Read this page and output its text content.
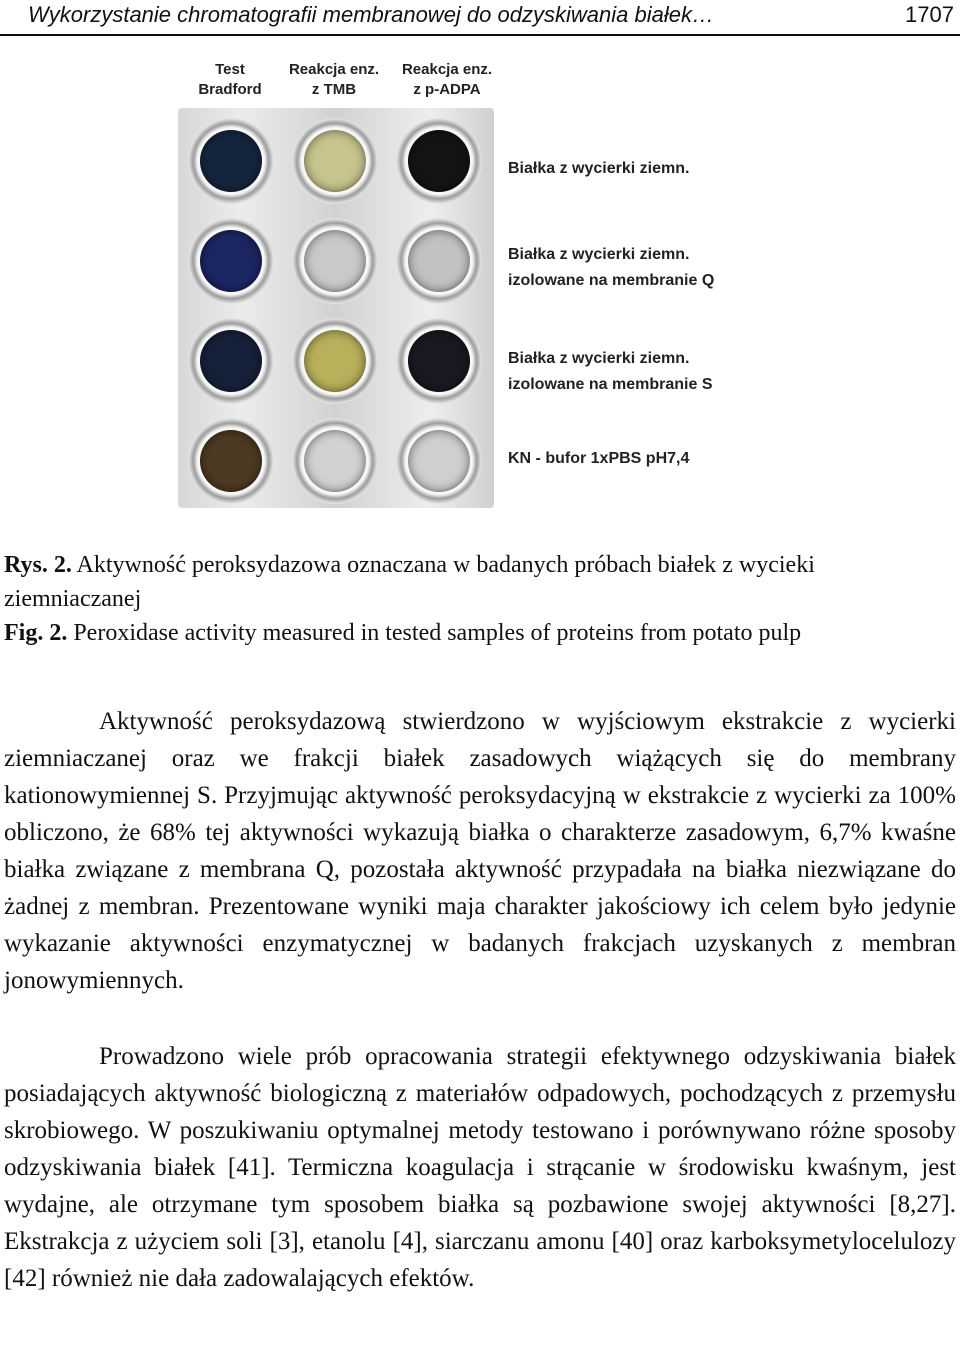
Wykorzystanie chromatografii membranowej do odzyskiwania białek…	1707
Test
Bradford
Reakcja enz.
z TMB
Reakcja enz.
z p-ADPA
Białka z wycierki ziemn.
Białka z wycierki ziemn.
izolowane na membranie Q
Białka z wycierki ziemn.
izolowane na membranie S
KN - bufor 1xPBS pH7,4
Rys. 2. Aktywność peroksydazowa oznaczana w badanych próbach białek z wycieki ziemniaczanej
Fig. 2. Peroxidase activity measured in tested samples of proteins from potato pulp

Aktywność peroksydazową stwierdzono w wyjściowym ekstrakcie z wycierki ziemniaczanej oraz we frakcji białek zasadowych wiążących się do membrany kationowymiennej S. Przyjmując aktywność peroksydacyjną w ekstrakcie z wycierki za 100% obliczono, że 68% tej aktywności wykazują białka o charakterze zasadowym, 6,7% kwaśne białka związane z membrana Q, pozostała aktywność przypadała na białka niezwiązane do żadnej z membran. Prezentowane wyniki maja charakter jakościowy ich celem było jedynie wykazanie aktywności enzymatycznej w badanych frakcjach uzyskanych z membran jonowymiennych.

Prowadzono wiele prób opracowania strategii efektywnego odzyskiwania białek posiadających aktywność biologiczną z materiałów odpadowych, pochodzących z przemysłu skrobiowego. W poszukiwaniu optymalnej metody testowano i porównywano różne sposoby odzyskiwania białek [41]. Termiczna koagulacja i strącanie w środowisku kwaśnym, jest wydajne, ale otrzymane tym sposobem białka są pozbawione swojej aktywności [8,27]. Ekstrakcja z użyciem soli [3], etanolu [4], siarczanu amonu [40] oraz karboksymetylocelulozy [42] również nie dała zadowalających efektów.
